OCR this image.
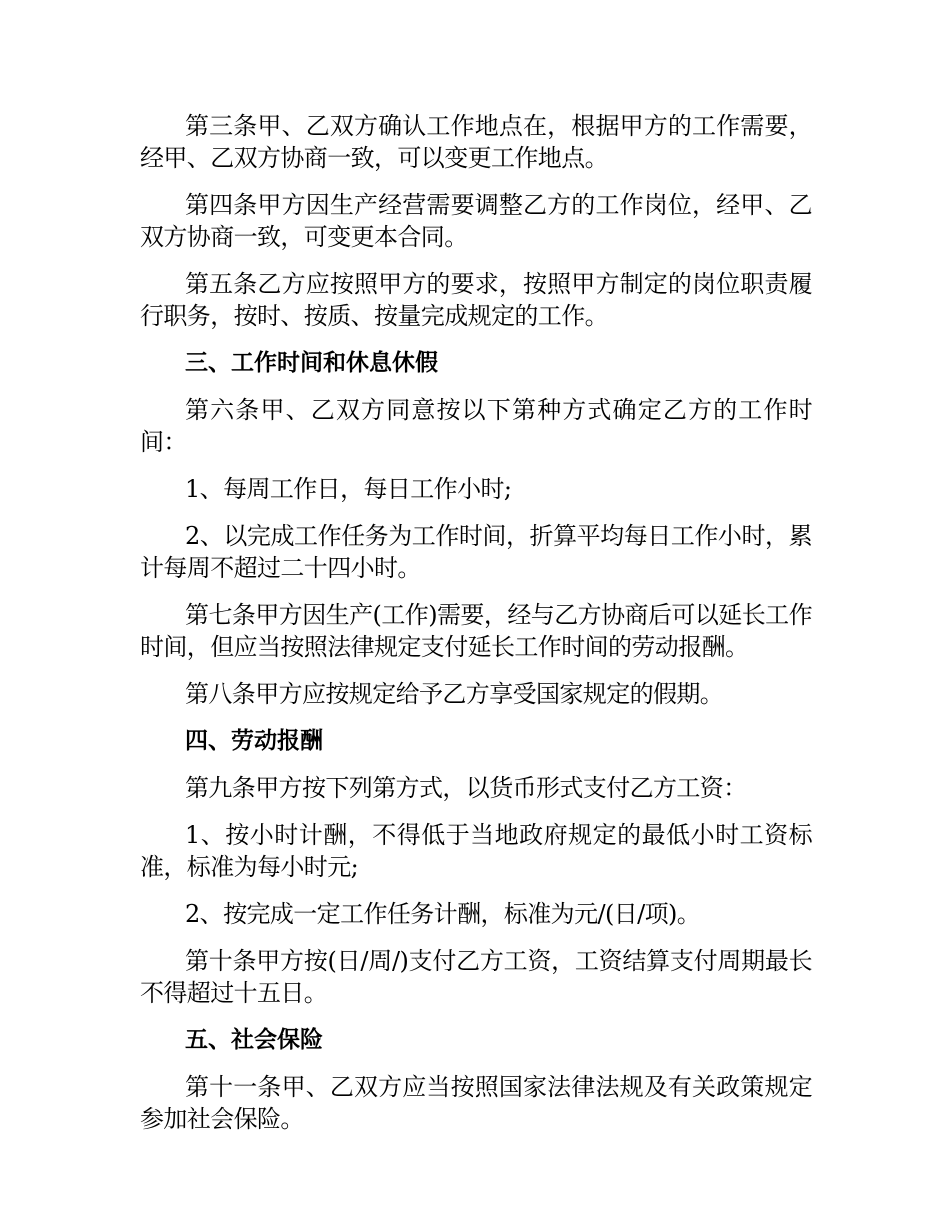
第三条甲、乙双方确认工作地点在，根据甲方的工作需要，经甲、乙双方协商一致，可以变更工作地点。

第四条甲方因生产经营需要调整乙方的工作岗位，经甲、乙双方协商一致，可变更本合同。

第五条乙方应按照甲方的要求，按照甲方制定的岗位职责履行职务，按时、按质、按量完成规定的工作。

三、工作时间和休息休假

第六条甲、乙双方同意按以下第种方式确定乙方的工作时间：

1、每周工作日，每日工作小时;

2、以完成工作任务为工作时间，折算平均每日工作小时，累计每周不超过二十四小时。

第七条甲方因生产(工作)需要，经与乙方协商后可以延长工作时间，但应当按照法律规定支付延长工作时间的劳动报酬。

第八条甲方应按规定给予乙方享受国家规定的假期。

四、劳动报酬

第九条甲方按下列第方式，以货币形式支付乙方工资：

1、按小时计酬，不得低于当地政府规定的最低小时工资标准，标准为每小时元;

2、按完成一定工作任务计酬，标准为元/(日/项)。

第十条甲方按(日/周/)支付乙方工资，工资结算支付周期最长不得超过十五日。

五、社会保险

第十一条甲、乙双方应当按照国家法律法规及有关政策规定参加社会保险。
